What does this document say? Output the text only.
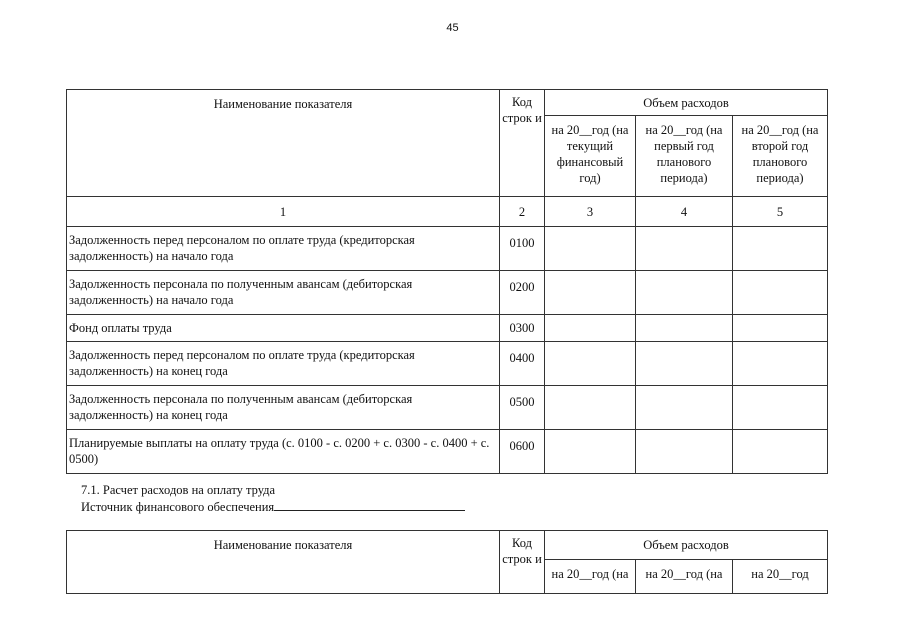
45
Наименование показателя	Код строк и	Объем расходов		
		на 20__год (на текущий финансовый год)	на 20__год (на первый год планового периода)	на 20__год (на второй год планового периода)
1	2	3	4	5
Задолженность перед персоналом по оплате труда (кредиторская задолженность) на начало года	0100			
Задолженность персонала по полученным авансам (дебиторская задолженность) на начало года	0200			
Фонд оплаты труда	0300			
Задолженность перед персоналом по оплате труда (кредиторская задолженность) на конец года	0400			
Задолженность персонала по полученным авансам (дебиторская задолженность) на конец года	0500			
Планируемые выплаты на оплату труда (с. 0100 - с. 0200 + с. 0300 - с. 0400 + с. 0500)	0600			
7.1. Расчет расходов на оплату труда
Источник финансового обеспечения
Наименование показателя	Код строк и	Объем расходов		
		на 20__год (на	на 20__год (на	на 20__год
